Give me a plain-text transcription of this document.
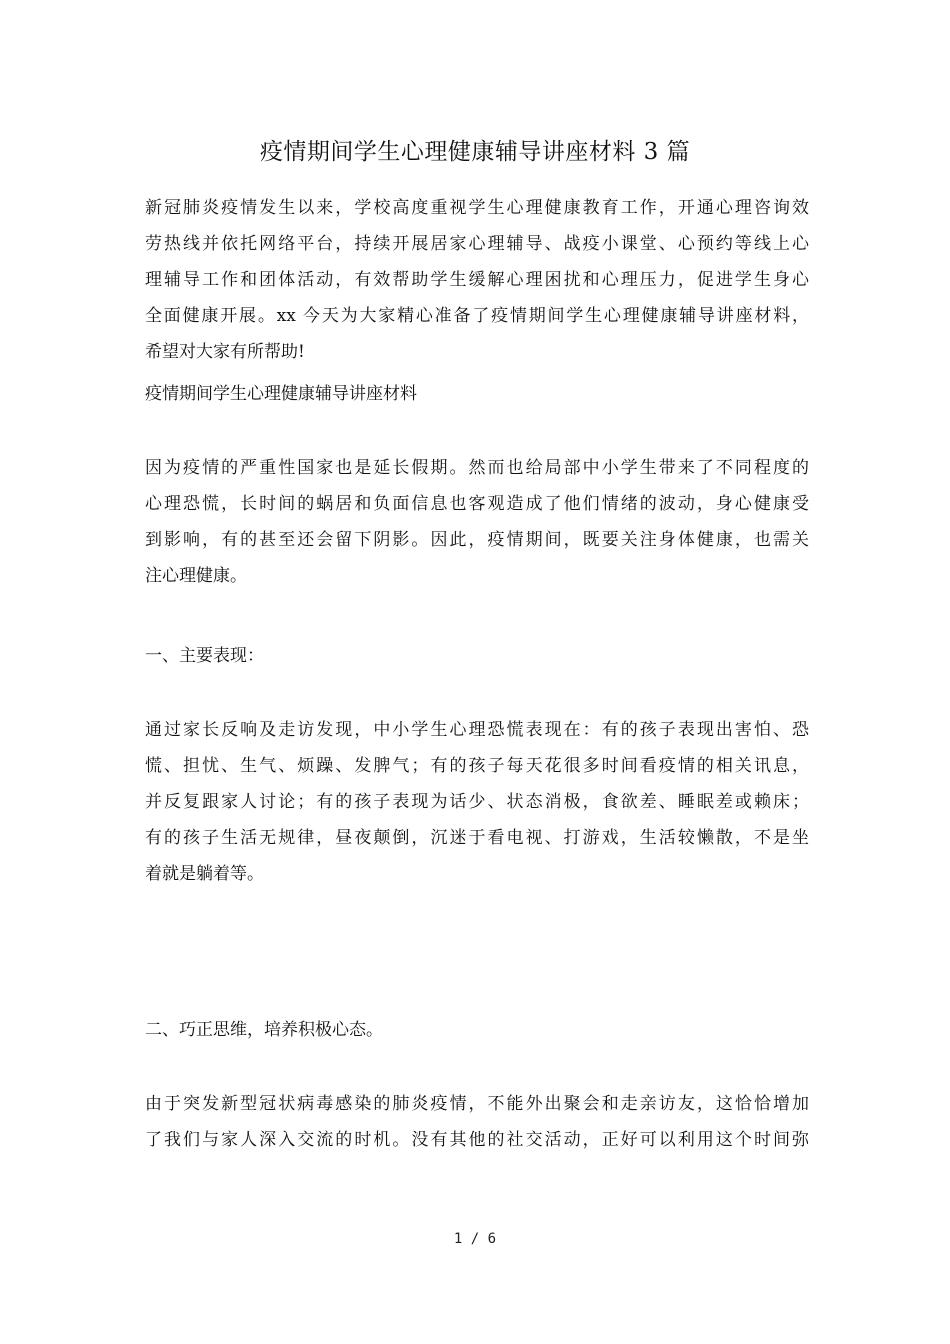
疫情期间学生心理健康辅导讲座材料 3 篇
新冠肺炎疫情发生以来，学校高度重视学生心理健康教育工作，开通心理咨询效
劳热线并依托网络平台，持续开展居家心理辅导、战疫小课堂、心预约等线上心
理辅导工作和团体活动，有效帮助学生缓解心理困扰和心理压力，促进学生身心
全面健康开展。xx 今天为大家精心准备了疫情期间学生心理健康辅导讲座材料，
希望对大家有所帮助!
疫情期间学生心理健康辅导讲座材料
因为疫情的严重性国家也是延长假期。然而也给局部中小学生带来了不同程度的
心理恐慌，长时间的蜗居和负面信息也客观造成了他们情绪的波动，身心健康受
到影响，有的甚至还会留下阴影。因此，疫情期间，既要关注身体健康，也需关
注心理健康。
一、主要表现：
通过家长反响及走访发现，中小学生心理恐慌表现在：有的孩子表现出害怕、恐
慌、担忧、生气、烦躁、发脾气；有的孩子每天花很多时间看疫情的相关讯息，
并反复跟家人讨论；有的孩子表现为话少、状态消极，食欲差、睡眠差或赖床；
有的孩子生活无规律，昼夜颠倒，沉迷于看电视、打游戏，生活较懒散，不是坐
着就是躺着等。
二、巧正思维，培养积极心态。
由于突发新型冠状病毒感染的肺炎疫情，不能外出聚会和走亲访友，这恰恰增加
了我们与家人深入交流的时机。没有其他的社交活动，正好可以利用这个时间弥
1 / 6
